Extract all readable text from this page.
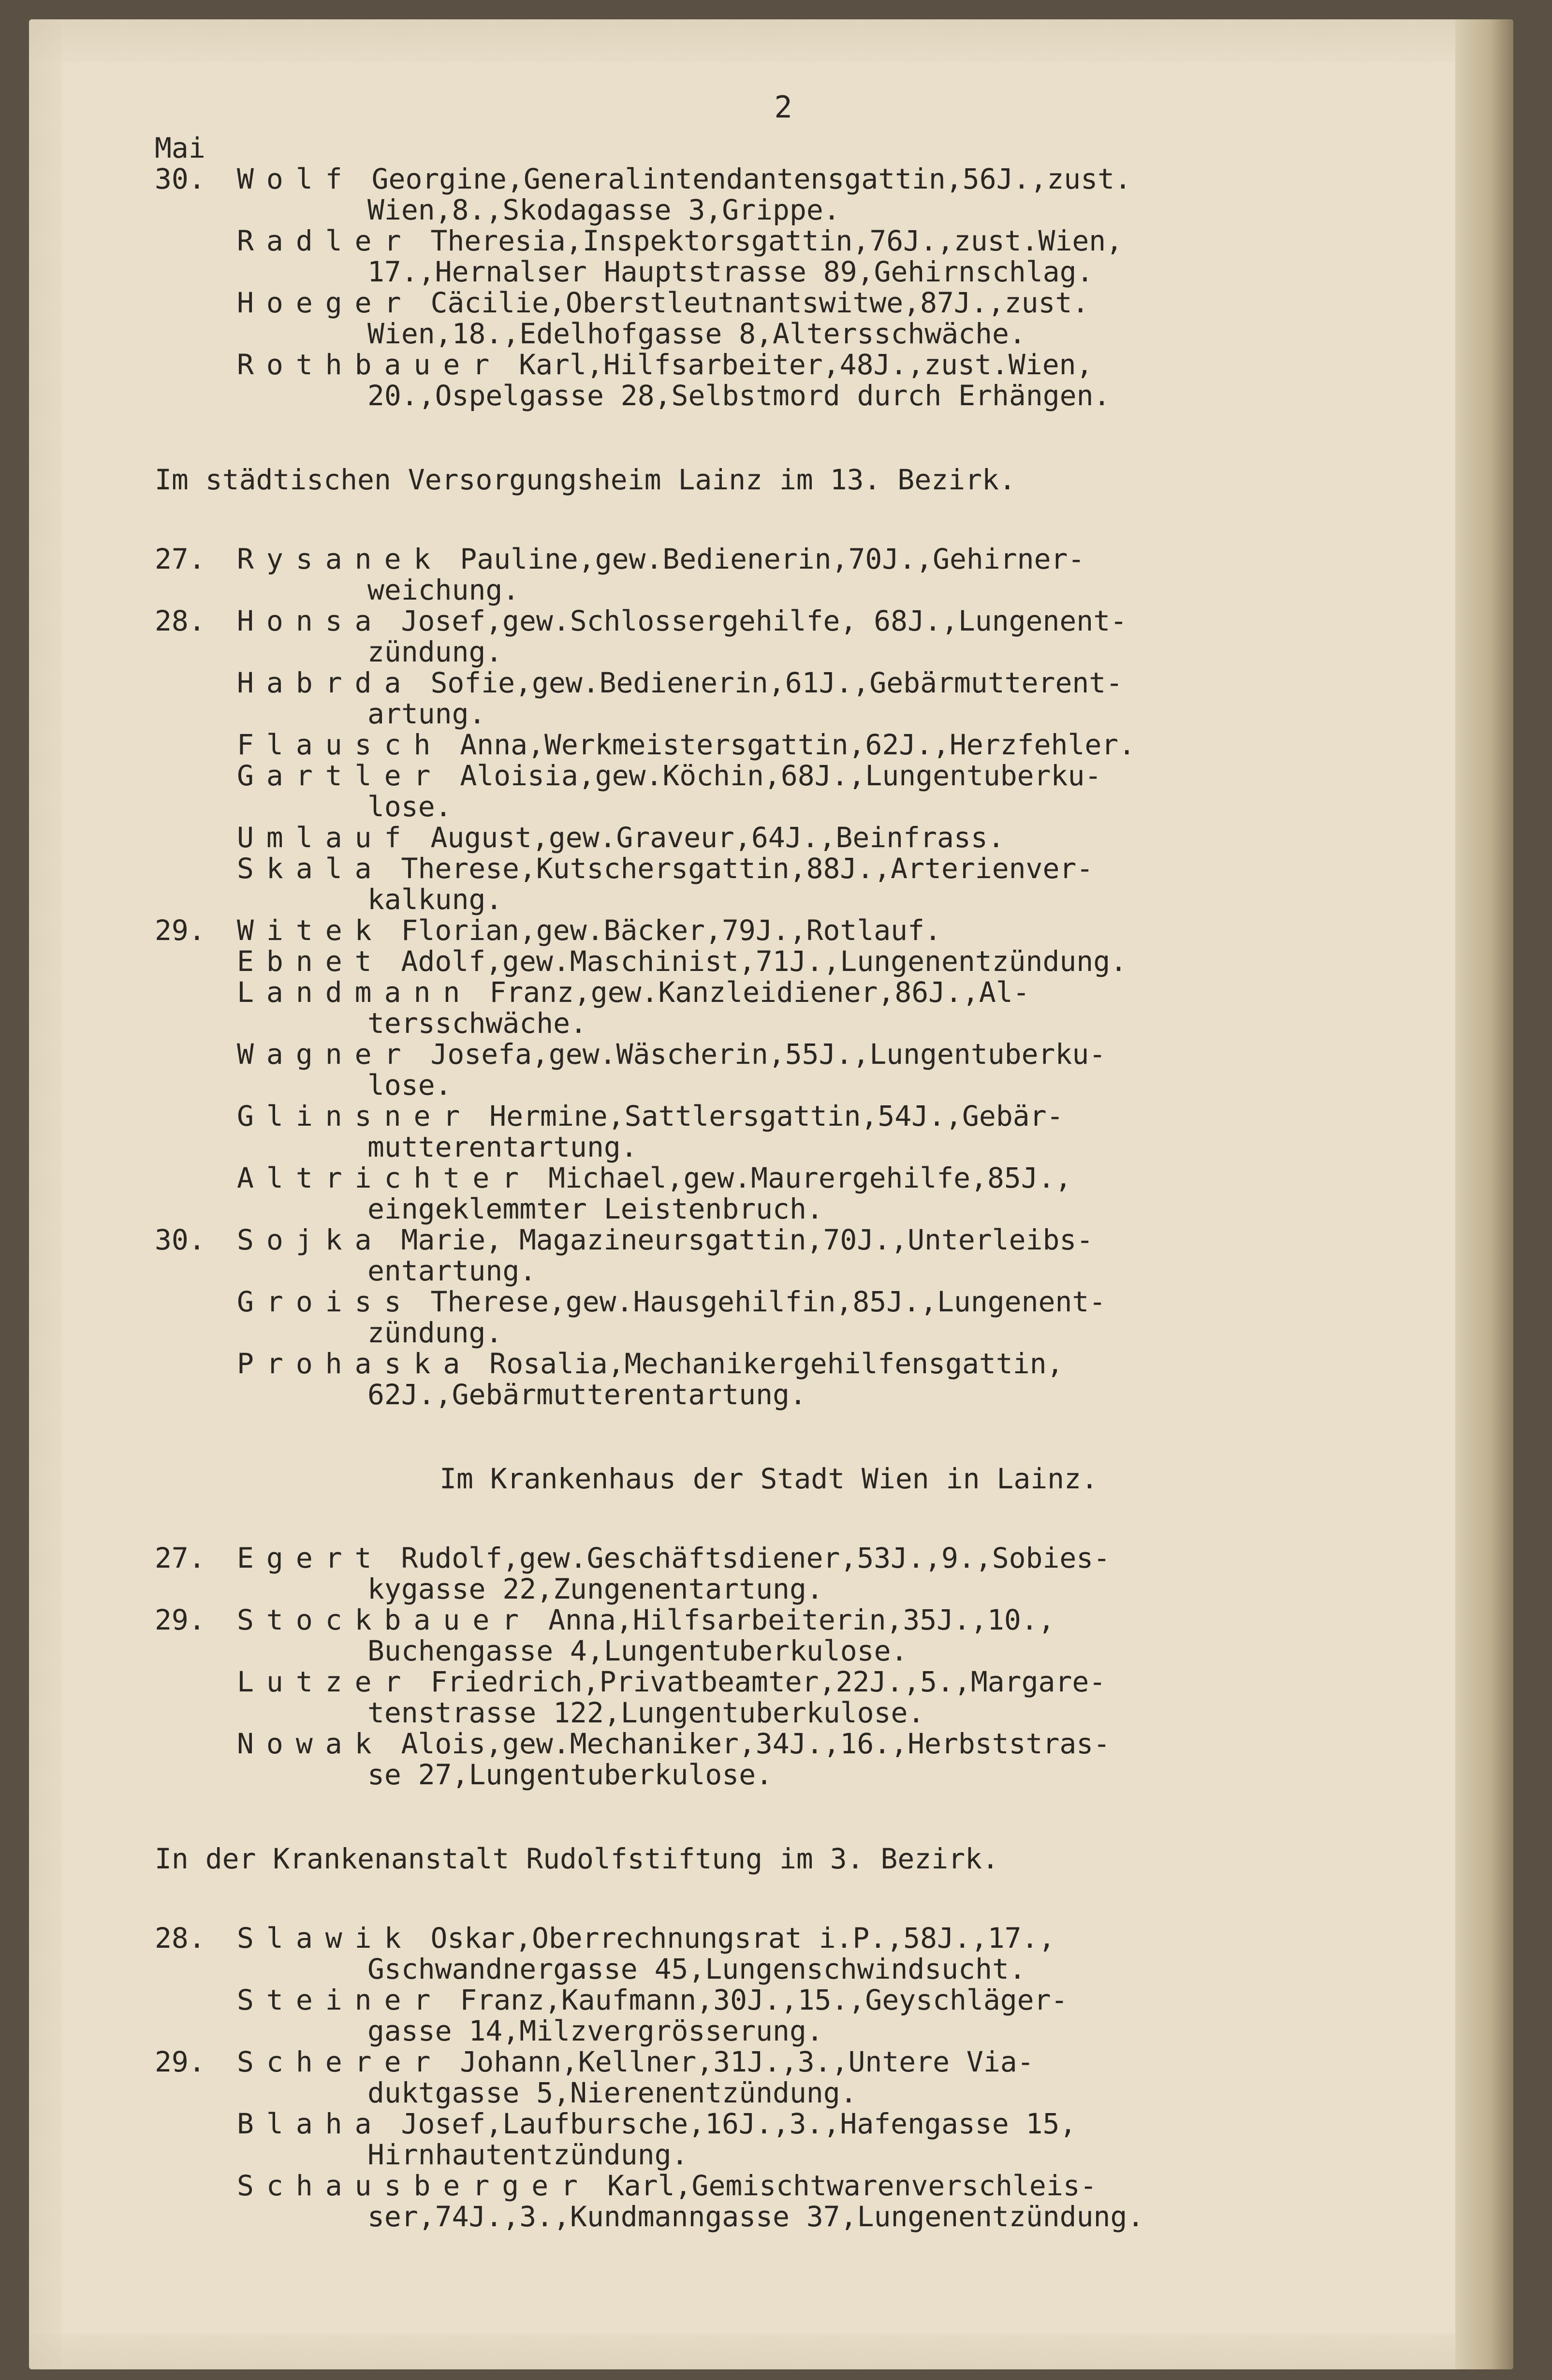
2
Mai
30.	Wolf Georgine,Generalintendantensgattin,56J.,zust.
Wien,8.,Skodagasse 3,Grippe.
Radler Theresia,Inspektorsgattin,76J.,zust.Wien,
17.,Hernalser Hauptstrasse 89,Gehirnschlag.
Hoeger Cäcilie,Oberstleutnantswitwe,87J.,zust.
Wien,18.,Edelhofgasse 8,Altersschwäche.
Rothbauer Karl,Hilfsarbeiter,48J.,zust.Wien,
20.,Ospelgasse 28,Selbstmord durch Erhängen.
Im städtischen Versorgungsheim Lainz im 13. Bezirk.
27.	Rysanek Pauline,gew.Bedienerin,70J.,Gehirner-
weichung.
28.	Honsa Josef,gew.Schlossergehilfe, 68J.,Lungenent-
zündung.
Habrda Sofie,gew.Bedienerin,61J.,Gebärmutterent-
artung.
Flausch Anna,Werkmeistersgattin,62J.,Herzfehler.
Gartler Aloisia,gew.Köchin,68J.,Lungentuberku-
lose.
Umlauf August,gew.Graveur,64J.,Beinfrass.
Skala Therese,Kutschersgattin,88J.,Arterienver-
kalkung.
29.	Witek Florian,gew.Bäcker,79J.,Rotlauf.
Ebnet Adolf,gew.Maschinist,71J.,Lungenentzündung.
Landmann Franz,gew.Kanzleidiener,86J.,Al-
tersschwäche.
Wagner Josefa,gew.Wäscherin,55J.,Lungentuberku-
lose.
Glinsner Hermine,Sattlersgattin,54J.,Gebär-
mutterentartung.
Altrichter Michael,gew.Maurergehilfe,85J.,
eingeklemmter Leistenbruch.
30.	Sojka Marie, Magazineursgattin,70J.,Unterleibs-
entartung.
Groiss Therese,gew.Hausgehilfin,85J.,Lungenent-
zündung.
Prohaska Rosalia,Mechanikergehilfensgattin,
62J.,Gebärmutterentartung.
Im Krankenhaus der Stadt Wien in Lainz.
27.	Egert Rudolf,gew.Geschäftsdiener,53J.,9.,Sobies-
kygasse 22,Zungenentartung.
29.	Stockbauer Anna,Hilfsarbeiterin,35J.,10.,
Buchengasse 4,Lungentuberkulose.
Lutzer Friedrich,Privatbeamter,22J.,5.,Margare-
tenstrasse 122,Lungentuberkulose.
Nowak Alois,gew.Mechaniker,34J.,16.,Herbststras-
se 27,Lungentuberkulose.
In der Krankenanstalt Rudolfstiftung im 3. Bezirk.
28.	Slawik Oskar,Oberrechnungsrat i.P.,58J.,17.,
Gschwandnergasse 45,Lungenschwindsucht.
Steiner Franz,Kaufmann,30J.,15.,Geyschläger-
gasse 14,Milzvergrösserung.
29.	Scherer Johann,Kellner,31J.,3.,Untere Via-
duktgasse 5,Nierenentzündung.
Blaha Josef,Laufbursche,16J.,3.,Hafengasse 15,
Hirnhautentzündung.
Schausberger Karl,Gemischtwarenverschleis-
ser,74J.,3.,Kundmanngasse 37,Lungenentzündung.
